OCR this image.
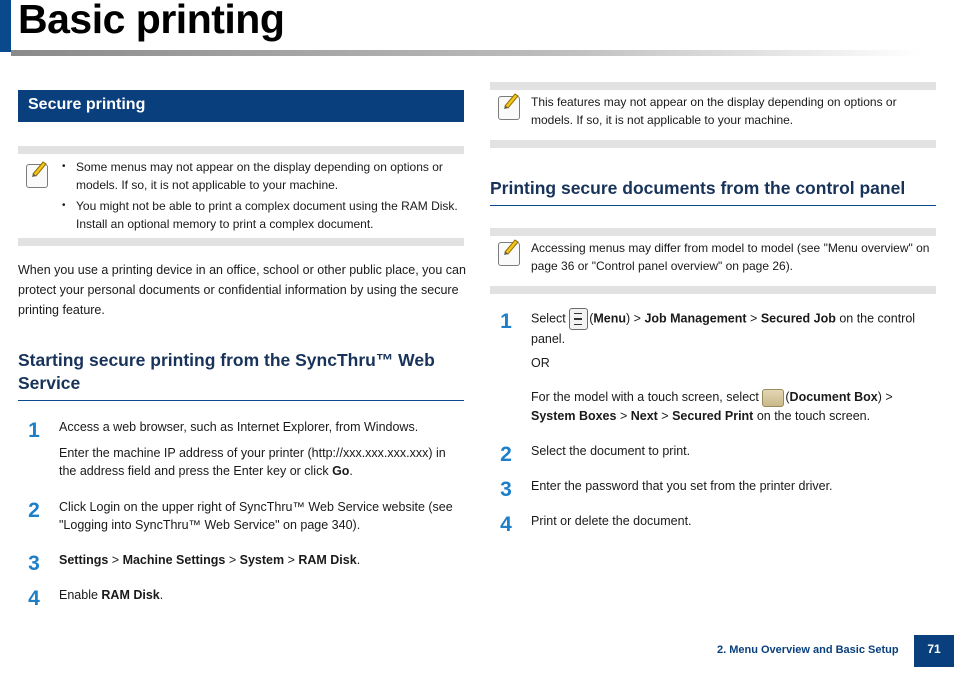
Basic printing
Secure printing
• Some menus may not appear on the display depending on options or models. If so, it is not applicable to your machine.
• You might not be able to print a complex document using the RAM Disk. Install an optional memory to print a complex document.
When you use a printing device in an office, school or other public place, you can protect your personal documents or confidential information by using the secure printing feature.
Starting secure printing from the SyncThru™ Web Service
1	Access a web browser, such as Internet Explorer, from Windows.
Enter the machine IP address of your printer (http://xxx.xxx.xxx.xxx) in the address field and press the Enter key or click Go.
2	Click Login on the upper right of SyncThru™ Web Service website (see "Logging into SyncThru™ Web Service" on page 340).
3	Settings > Machine Settings > System > RAM Disk.
4	Enable RAM Disk.
This features may not appear on the display depending on options or models. If so, it is not applicable to your machine.
Printing secure documents from the control panel
Accessing menus may differ from model to model (see "Menu overview" on page 36 or "Control panel overview" on page 26).
1	Select (Menu) > Job Management > Secured Job on the control panel.
OR
For the model with a touch screen, select (Document Box) > System Boxes > Next > Secured Print on the touch screen.
2	Select the document to print.
3	Enter the password that you set from the printer driver.
4	Print or delete the document.
2. Menu Overview and Basic Setup	71
